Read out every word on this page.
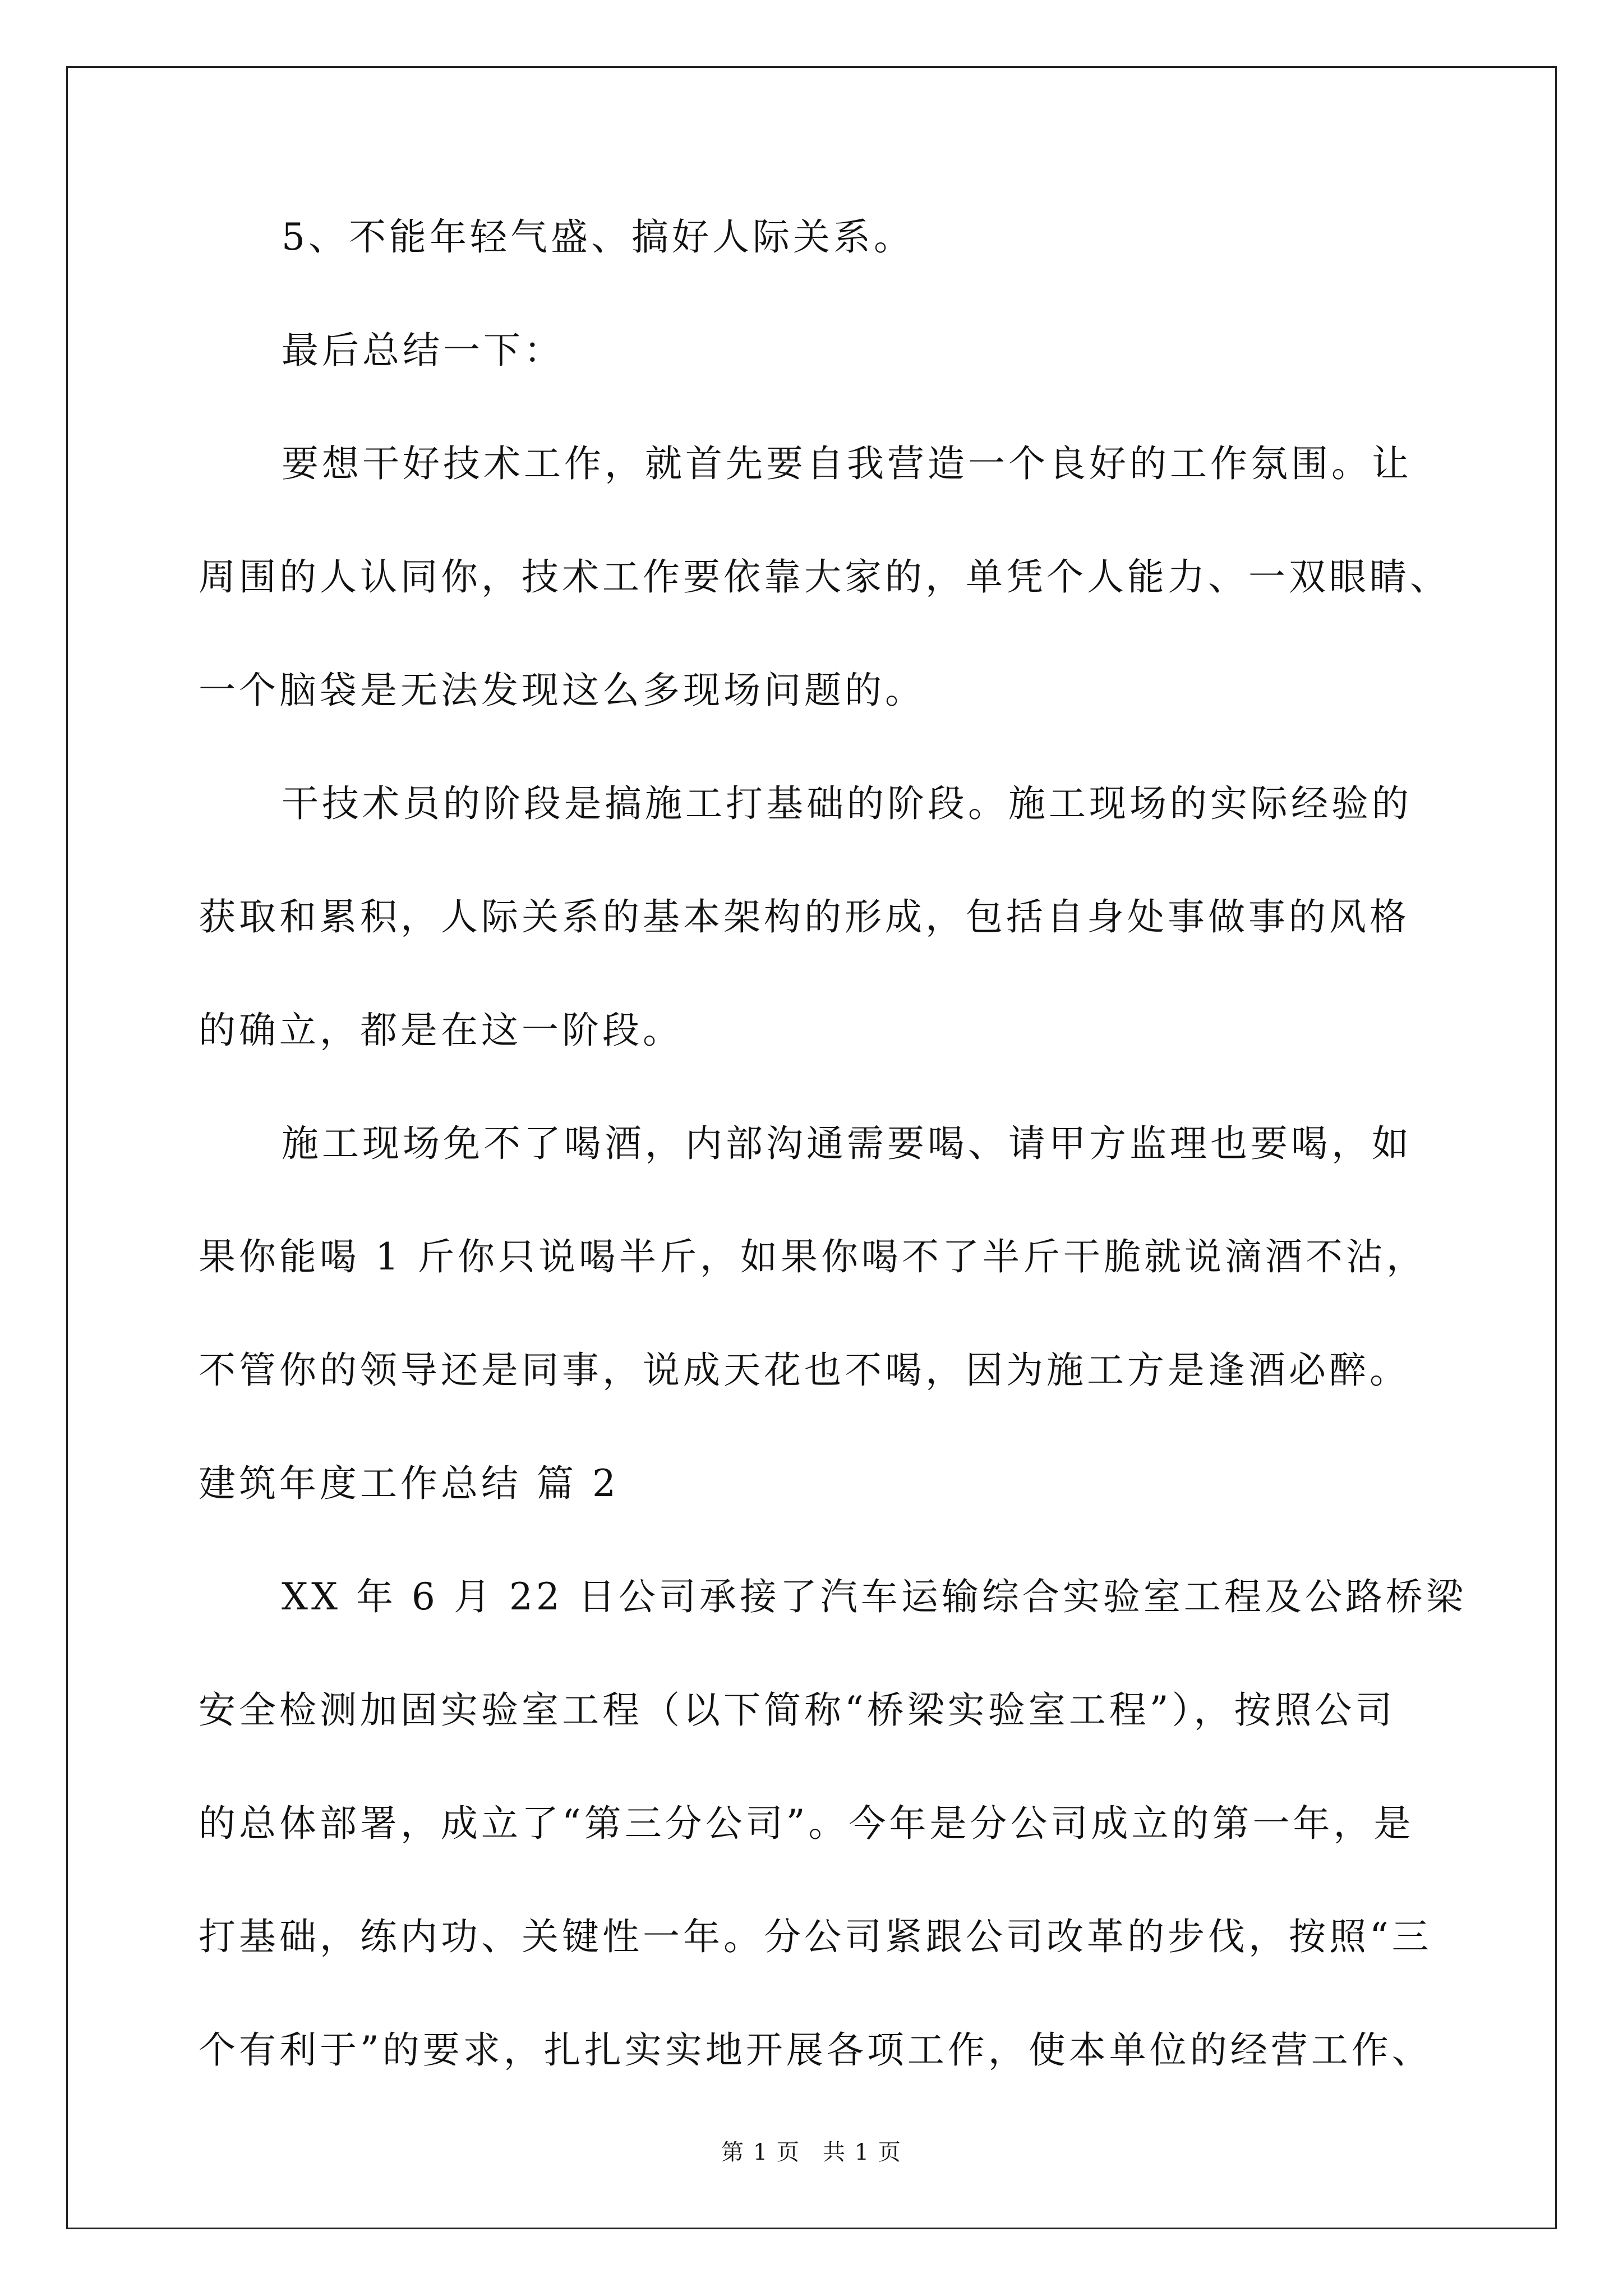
5、不能年轻气盛、搞好人际关系。
最后总结一下：
要想干好技术工作，就首先要自我营造一个良好的工作氛围。让
周围的人认同你，技术工作要依靠大家的，单凭个人能力、一双眼睛、
一个脑袋是无法发现这么多现场问题的。
干技术员的阶段是搞施工打基础的阶段。施工现场的实际经验的
获取和累积，人际关系的基本架构的形成，包括自身处事做事的风格
的确立，都是在这一阶段。
施工现场免不了喝酒，内部沟通需要喝、请甲方监理也要喝，如
果你能喝 1 斤你只说喝半斤，如果你喝不了半斤干脆就说滴酒不沾，
不管你的领导还是同事，说成天花也不喝，因为施工方是逢酒必醉。
建筑年度工作总结 篇 2
XX 年 6 月 22 日公司承接了汽车运输综合实验室工程及公路桥梁
安全检测加固实验室工程（以下简称“桥梁实验室工程”），按照公司
的总体部署，成立了“第三分公司”。今年是分公司成立的第一年，是
打基础，练内功、关键性一年。分公司紧跟公司改革的步伐，按照“三
个有利于”的要求，扎扎实实地开展各项工作，使本单位的经营工作、
第 1 页 共 1 页
